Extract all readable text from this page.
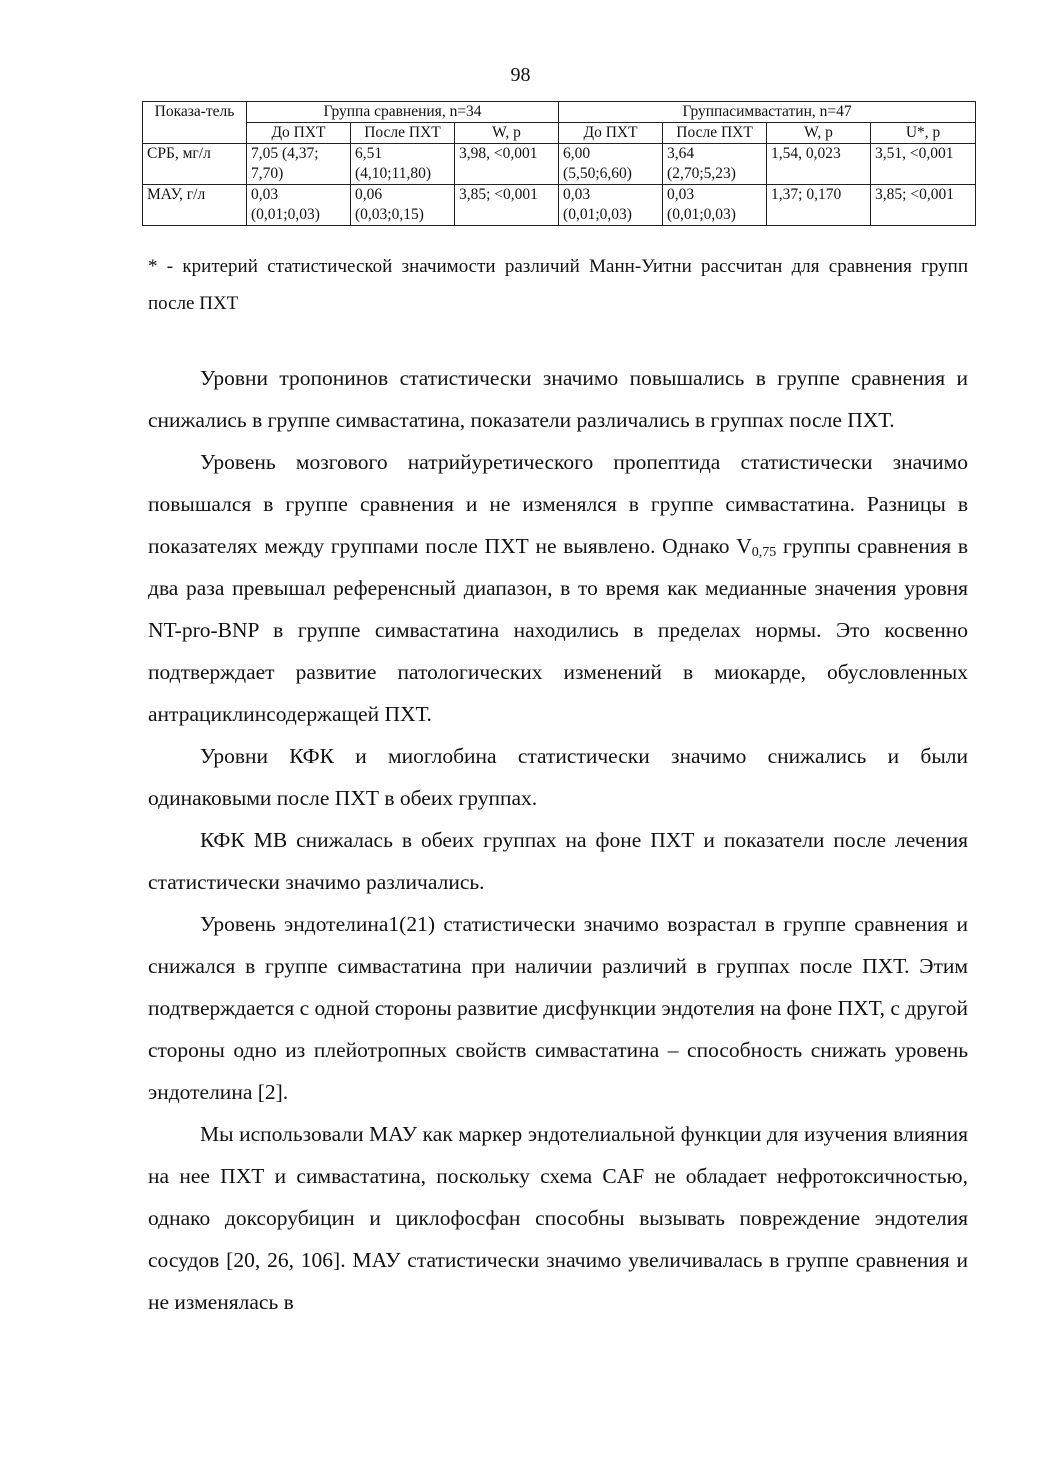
98
Показа-тель	Группа сравнения, n=34			Группасимвастатин, n=47			
	До ПХТ	После ПХТ	W, p	До ПХТ	После ПХТ	W, p	U*, p
СРБ, мг/л	7,05 (4,37; 7,70)	6,51 (4,10;11,80)	3,98, <0,001	6,00 (5,50;6,60)	3,64 (2,70;5,23)	1,54, 0,023	3,51, <0,001
МАУ, г/л	0,03 (0,01;0,03)	0,06 (0,03;0,15)	3,85; <0,001	0,03 (0,01;0,03)	0,03 (0,01;0,03)	1,37; 0,170	3,85; <0,001
* - критерий статистической значимости различий Манн-Уитни рассчитан для сравнения групп после ПХТ

Уровни тропонинов статистически значимо повышались в группе сравнения и снижались в группе симвастатина, показатели различались в группах после ПХТ.

Уровень мозгового натрийуретического пропептида статистически значимо повышался в группе сравнения и не изменялся в группе симвастатина. Разницы в показателях между группами после ПХТ не выявлено. Однако $V_{0,75}$ группы сравнения в два раза превышал референсный диапазон, в то время как медианные значения уровня NT-pro-BNP в группе симвастатина находились в пределах нормы. Это косвенно подтверждает развитие патологических изменений в миокарде, обусловленных антрациклинсодержащей ПХТ.

Уровни КФК и миоглобина статистически значимо снижались и были одинаковыми после ПХТ в обеих группах.

КФК МВ снижалась в обеих группах на фоне ПХТ и показатели после лечения статистически значимо различались.

Уровень эндотелина1(21) статистически значимо возрастал в группе сравнения и снижался в группе симвастатина при наличии различий в группах после ПХТ. Этим подтверждается с одной стороны развитие дисфункции эндотелия на фоне ПХТ, с другой стороны одно из плейотропных свойств симвастатина – способность снижать уровень эндотелина [2].

Мы использовали МАУ как маркер эндотелиальной функции для изучения влияния на нее ПХТ и симвастатина, поскольку схема CAF не обладает нефротоксичностью, однако доксорубицин и циклофосфан способны вызывать повреждение эндотелия сосудов [20, 26, 106]. МАУ статистически значимо увеличивалась в группе сравнения и не изменялась в
